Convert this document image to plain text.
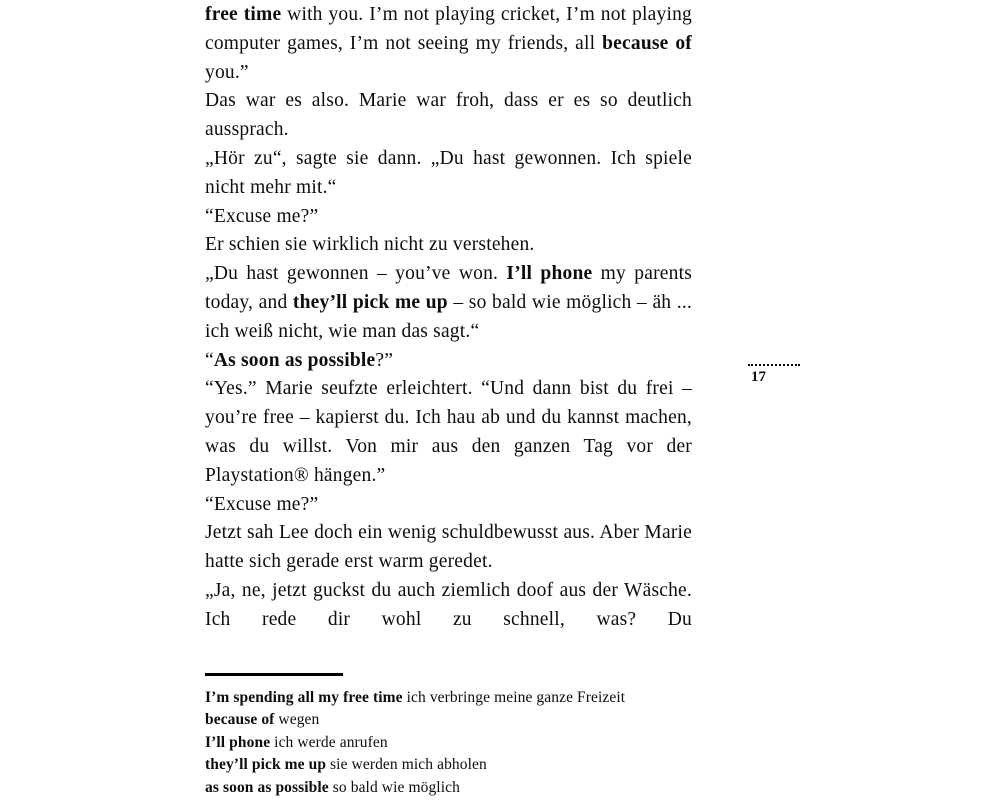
free time with you. I’m not playing cricket, I’m not playing computer games, I’m not seeing my friends, all because of you.”

Das war es also. Marie war froh, dass er es so deutlich aussprach.

„Hör zu“, sagte sie dann. „Du hast gewonnen. Ich spiele nicht mehr mit.“

“Excuse me?”

Er schien sie wirklich nicht zu verstehen.

„Du hast gewonnen – you’ve won. I’ll phone my parents today, and they’ll pick me up – so bald wie möglich – äh ... ich weiß nicht, wie man das sagt.“

“As soon as possible?”

“Yes.” Marie seufzte erleichtert. “Und dann bist du frei – you’re free – kapierst du. Ich hau ab und du kannst machen, was du willst. Von mir aus den ganzen Tag vor der Playstation® hängen.”

“Excuse me?”

Jetzt sah Lee doch ein wenig schuldbewusst aus. Aber Marie hatte sich gerade erst warm geredet.

„Ja, ne, jetzt guckst du auch ziemlich doof aus der Wäsche. Ich rede dir wohl zu schnell, was? Du

I’m spending all my free time ich verbringe meine ganze Freizeit

because of wegen

I’ll phone ich werde anrufen

they’ll pick me up sie werden mich abholen

as soon as possible so bald wie möglich

17
